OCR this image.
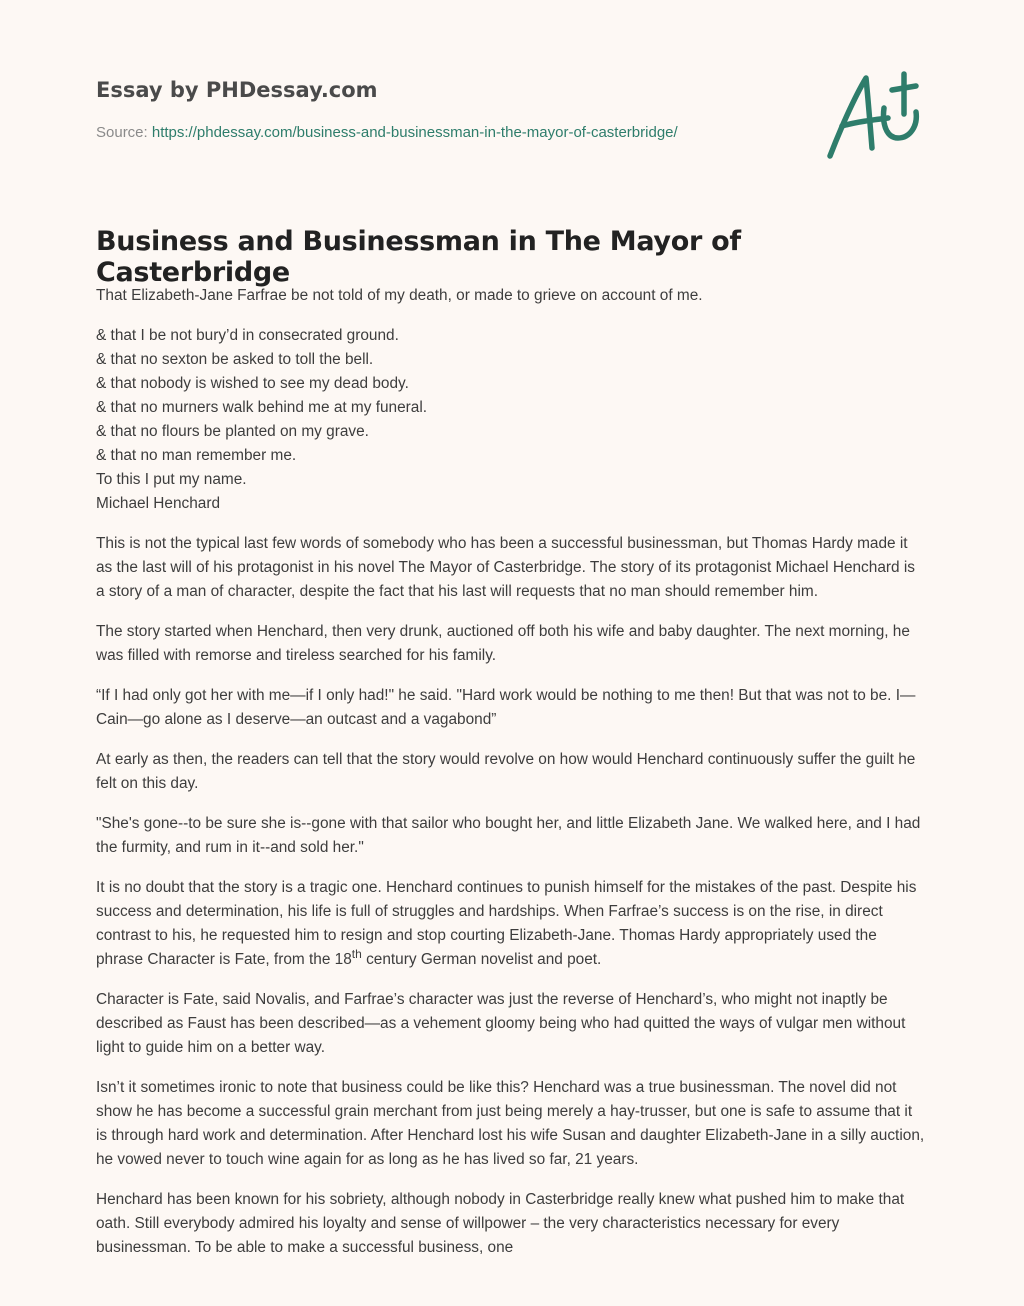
Essay by PHDessay.com
Source: https://phdessay.com/business-and-businessman-in-the-mayor-of-casterbridge/
Business and Businessman in The Mayor of Casterbridge

That Elizabeth-Jane Farfrae be not told of my death, or made to grieve on account of me.

& that I be not bury’d in consecrated ground.
& that no sexton be asked to toll the bell.
& that nobody is wished to see my dead body.
& that no murners walk behind me at my funeral.
& that no flours be planted on my grave.
& that no man remember me.
To this I put my name.
Michael Henchard

This is not the typical last few words of somebody who has been a successful businessman, but Thomas Hardy made it as the last will of his protagonist in his novel The Mayor of Casterbridge. The story of its protagonist Michael Henchard is a story of a man of character, despite the fact that his last will requests that no man should remember him.

The story started when Henchard, then very drunk, auctioned off both his wife and baby daughter. The next morning, he was filled with remorse and tireless searched for his family.

“If I had only got her with me—if I only had!" he said. "Hard work would be nothing to me then! But that was not to be. I—Cain—go alone as I deserve—an outcast and a vagabond”

At early as then, the readers can tell that the story would revolve on how would Henchard continuously suffer the guilt he felt on this day.

"She's gone--to be sure she is--gone with that sailor who bought her, and little Elizabeth Jane. We walked here, and I had the furmity, and rum in it--and sold her."

It is no doubt that the story is a tragic one. Henchard continues to punish himself for the mistakes of the past. Despite his success and determination, his life is full of struggles and hardships. When Farfrae’s success is on the rise, in direct contrast to his, he requested him to resign and stop courting Elizabeth-Jane. Thomas Hardy appropriately used the phrase Character is Fate, from the 18th century German novelist and poet.

Character is Fate, said Novalis, and Farfrae’s character was just the reverse of Henchard’s, who might not inaptly be described as Faust has been described—as a vehement gloomy being who had quitted the ways of vulgar men without light to guide him on a better way.

Isn’t it sometimes ironic to note that business could be like this? Henchard was a true businessman. The novel did not show he has become a successful grain merchant from just being merely a hay-trusser, but one is safe to assume that it is through hard work and determination. After Henchard lost his wife Susan and daughter Elizabeth-Jane in a silly auction, he vowed never to touch wine again for as long as he has lived so far, 21 years.

Henchard has been known for his sobriety, although nobody in Casterbridge really knew what pushed him to make that oath. Still everybody admired his loyalty and sense of willpower – the very characteristics necessary for every businessman. To be able to make a successful business, one
